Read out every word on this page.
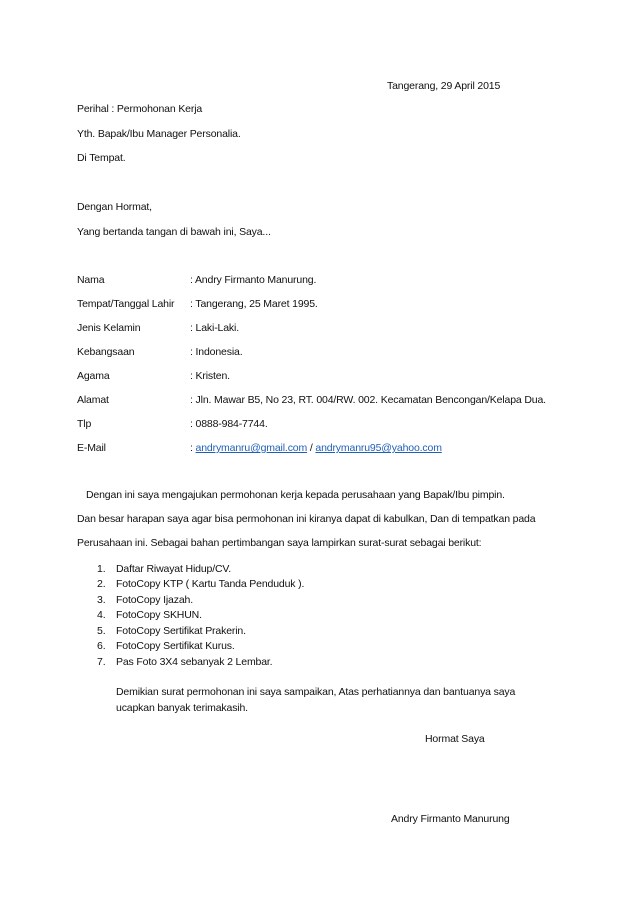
Tangerang, 29 April 2015
Perihal : Permohonan Kerja
Yth. Bapak/Ibu Manager Personalia.
Di Tempat.
Dengan Hormat,
Yang bertanda tangan di bawah ini, Saya...
Nama	: Andry Firmanto Manurung.
Tempat/Tanggal Lahir : Tangerang, 25 Maret 1995.
Jenis Kelamin	: Laki-Laki.
Kebangsaan	: Indonesia.
Agama	: Kristen.
Alamat	: Jln. Mawar B5, No 23, RT. 004/RW. 002. Kecamatan Bencongan/Kelapa Dua.
Tlp	: 0888-984-7744.
E-Mail	: andrymanru@gmail.com / andrymanru95@yahoo.com
Dengan ini saya mengajukan permohonan kerja kepada perusahaan yang Bapak/Ibu pimpin.
Dan besar harapan saya agar bisa permohonan ini kiranya dapat di kabulkan, Dan di tempatkan pada
Perusahaan ini. Sebagai bahan pertimbangan saya lampirkan surat-surat sebagai berikut:
1. Daftar Riwayat Hidup/CV.
2. FotoCopy KTP ( Kartu Tanda Penduduk ).
3. FotoCopy Ijazah.
4. FotoCopy SKHUN.
5. FotoCopy Sertifikat Prakerin.
6. FotoCopy Sertifikat Kurus.
7. Pas Foto 3X4 sebanyak 2 Lembar.
Demikian surat permohonan ini saya sampaikan, Atas perhatiannya dan bantuanya saya
ucapkan banyak terimakasih.
Hormat Saya
Andry Firmanto Manurung
